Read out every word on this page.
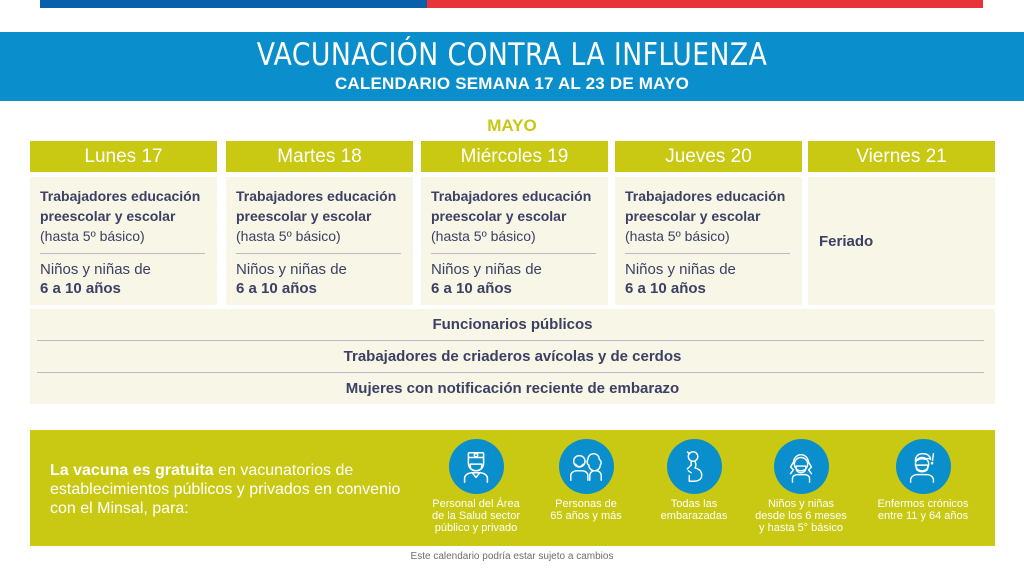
VACUNACIÓN CONTRA LA INFLUENZA
CALENDARIO SEMANA 17 AL 23 DE MAYO
MAYO
Lunes 17
Trabajadores educación preescolar y escolar (hasta 5º básico)
Niños y niñas de
6 a 10 años
Martes 18
Trabajadores educación preescolar y escolar (hasta 5º básico)
Niños y niñas de
6 a 10 años
Miércoles 19
Trabajadores educación preescolar y escolar (hasta 5º básico)
Niños y niñas de
6 a 10 años
Jueves 20
Trabajadores educación preescolar y escolar (hasta 5º básico)
Niños y niñas de
6 a 10 años
Viernes 21
Feriado
Funcionarios públicos
Trabajadores de criaderos avícolas y de cerdos
Mujeres con notificación reciente de embarazo
La vacuna es gratuita en vacunatorios de establecimientos públicos y privados en convenio con el Minsal, para:	Personal del Área
de la Salud sector
público y privado
Personas de
65 años y más
Todas las
embarazadas
Niños y niñas
desde los 6 meses
y hasta 5° básico
Enfermos crónicos
entre 11 y 64 años
Este calendario podría estar sujeto a cambios
